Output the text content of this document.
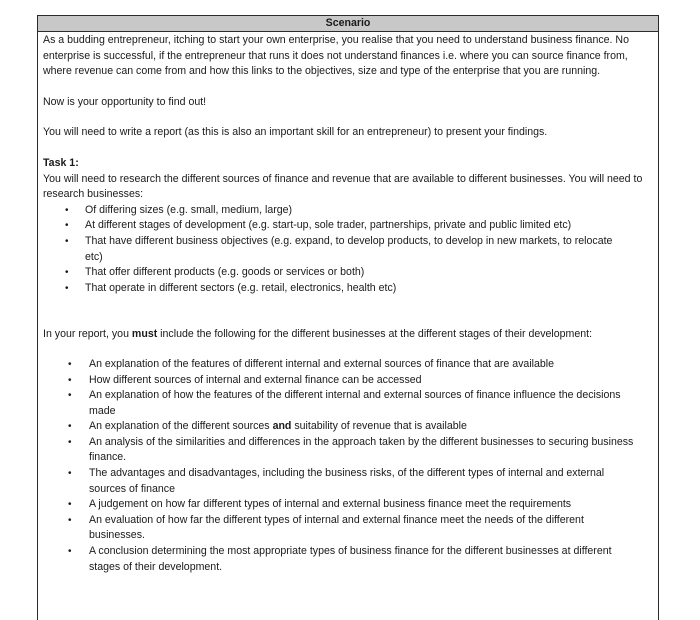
Scenario

As a budding entrepreneur, itching to start your own enterprise, you realise that you need to understand business finance. No enterprise is successful, if the entrepreneur that runs it does not understand finances i.e. where you can source finance from, where revenue can come from and how this links to the objectives, size and type of the enterprise that you are running.

Now is your opportunity to find out!

You will need to write a report (as this is also an important skill for an entrepreneur) to present your findings.

Task 1:

You will need to research the different sources of finance and revenue that are available to different businesses. You will need to research businesses:

• Of differing sizes (e.g. small, medium, large)
• At different stages of development (e.g. start-up, sole trader, partnerships, private and public limited etc)
• That have different business objectives (e.g. expand, to develop products, to develop in new markets, to relocate etc)
• That offer different products (e.g. goods or services or both)
• That operate in different sectors (e.g. retail, electronics, health etc)

In your report, you must include the following for the different businesses at the different stages of their development:

• An explanation of the features of different internal and external sources of finance that are available
• How different sources of internal and external finance can be accessed
• An explanation of how the features of the different internal and external sources of finance influence the decisions made
• An explanation of the different sources and suitability of revenue that is available
• An analysis of the similarities and differences in the approach taken by the different businesses to securing business finance.
• The advantages and disadvantages, including the business risks, of the different types of internal and external sources of finance
• A judgement on how far different types of internal and external business finance meet the requirements
• An evaluation of how far the different types of internal and external finance meet the needs of the different businesses.
• A conclusion determining the most appropriate types of business finance for the different businesses at different stages of their development.
